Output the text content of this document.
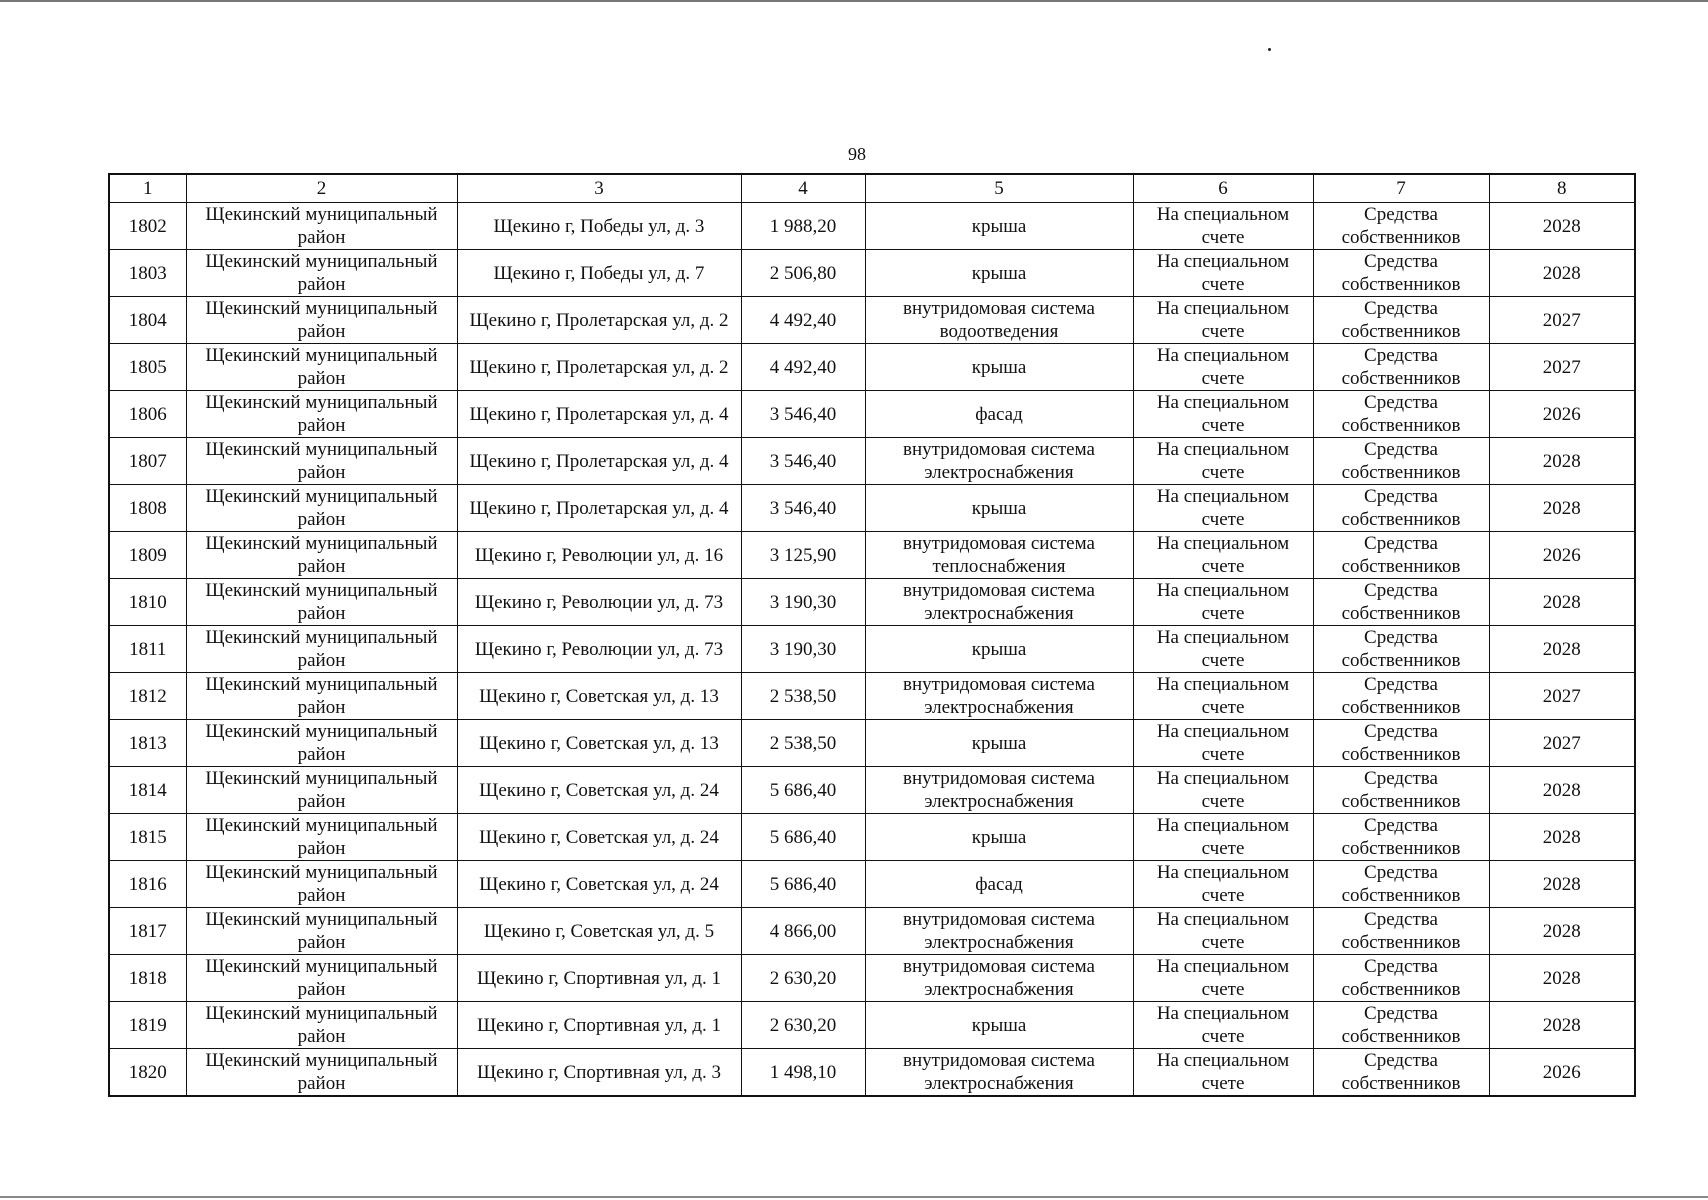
98
1	2	3	4	5	6	7	8
1802	Щекинский муниципальный район	Щекино г, Победы ул, д. 3	1 988,20	крыша	На специальном счете	Средства собственников	2028
1803	Щекинский муниципальный район	Щекино г, Победы ул, д. 7	2 506,80	крыша	На специальном счете	Средства собственников	2028
1804	Щекинский муниципальный район	Щекино г, Пролетарская ул, д. 2	4 492,40	внутридомовая система водоотведения	На специальном счете	Средства собственников	2027
1805	Щекинский муниципальный район	Щекино г, Пролетарская ул, д. 2	4 492,40	крыша	На специальном счете	Средства собственников	2027
1806	Щекинский муниципальный район	Щекино г, Пролетарская ул, д. 4	3 546,40	фасад	На специальном счете	Средства собственников	2026
1807	Щекинский муниципальный район	Щекино г, Пролетарская ул, д. 4	3 546,40	внутридомовая система электроснабжения	На специальном счете	Средства собственников	2028
1808	Щекинский муниципальный район	Щекино г, Пролетарская ул, д. 4	3 546,40	крыша	На специальном счете	Средства собственников	2028
1809	Щекинский муниципальный район	Щекино г, Революции ул, д. 16	3 125,90	внутридомовая система теплоснабжения	На специальном счете	Средства собственников	2026
1810	Щекинский муниципальный район	Щекино г, Революции ул, д. 73	3 190,30	внутридомовая система электроснабжения	На специальном счете	Средства собственников	2028
1811	Щекинский муниципальный район	Щекино г, Революции ул, д. 73	3 190,30	крыша	На специальном счете	Средства собственников	2028
1812	Щекинский муниципальный район	Щекино г, Советская ул, д. 13	2 538,50	внутридомовая система электроснабжения	На специальном счете	Средства собственников	2027
1813	Щекинский муниципальный район	Щекино г, Советская ул, д. 13	2 538,50	крыша	На специальном счете	Средства собственников	2027
1814	Щекинский муниципальный район	Щекино г, Советская ул, д. 24	5 686,40	внутридомовая система электроснабжения	На специальном счете	Средства собственников	2028
1815	Щекинский муниципальный район	Щекино г, Советская ул, д. 24	5 686,40	крыша	На специальном счете	Средства собственников	2028
1816	Щекинский муниципальный район	Щекино г, Советская ул, д. 24	5 686,40	фасад	На специальном счете	Средства собственников	2028
1817	Щекинский муниципальный район	Щекино г, Советская ул, д. 5	4 866,00	внутридомовая система электроснабжения	На специальном счете	Средства собственников	2028
1818	Щекинский муниципальный район	Щекино г, Спортивная ул, д. 1	2 630,20	внутридомовая система электроснабжения	На специальном счете	Средства собственников	2028
1819	Щекинский муниципальный район	Щекино г, Спортивная ул, д. 1	2 630,20	крыша	На специальном счете	Средства собственников	2028
1820	Щекинский муниципальный район	Щекино г, Спортивная ул, д. 3	1 498,10	внутридомовая система электроснабжения	На специальном счете	Средства собственников	2026
